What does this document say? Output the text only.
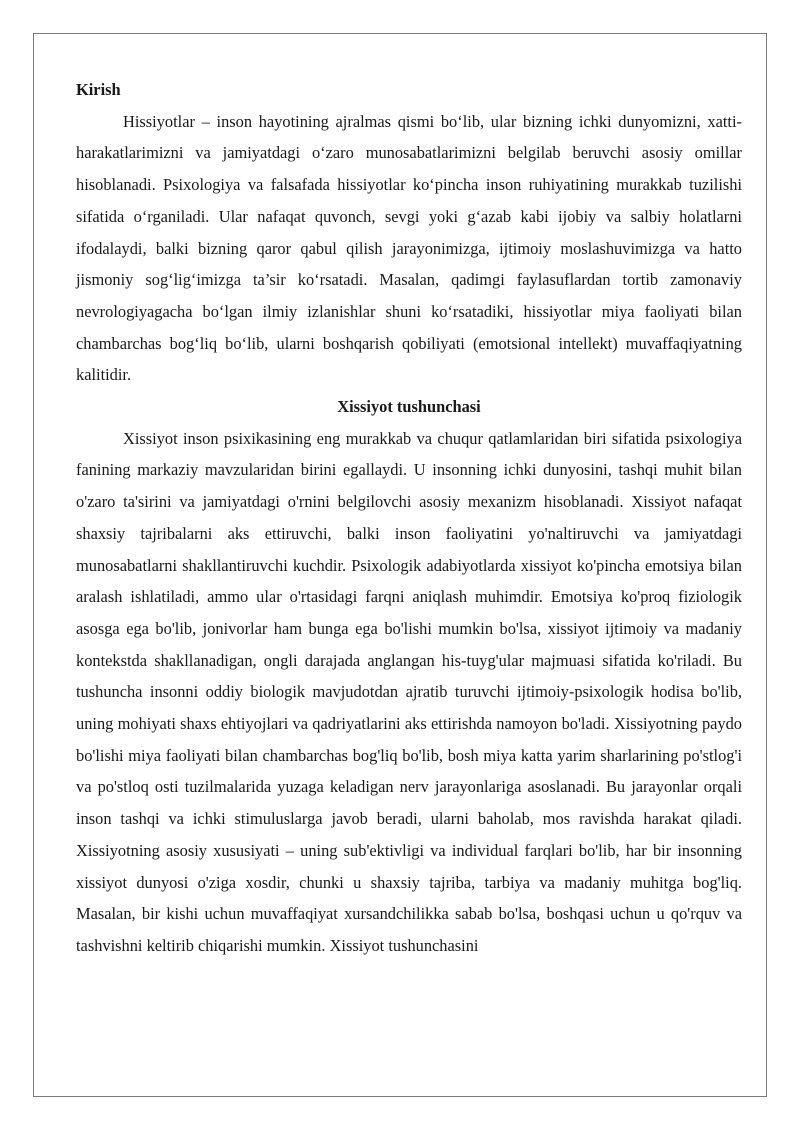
Kirish

Hissiyotlar – inson hayotining ajralmas qismi bo‘lib, ular bizning ichki dunyomizni, xatti-harakatlarimizni va jamiyatdagi o‘zaro munosabatlarimizni belgilab beruvchi asosiy omillar hisoblanadi. Psixologiya va falsafada hissiyotlar ko‘pincha inson ruhiyatining murakkab tuzilishi sifatida o‘rganiladi. Ular nafaqat quvonch, sevgi yoki g‘azab kabi ijobiy va salbiy holatlarni ifodalaydi, balki bizning qaror qabul qilish jarayonimizga, ijtimoiy moslashuvimizga va hatto jismoniy sog‘lig‘imizga ta’sir ko‘rsatadi. Masalan, qadimgi faylasuflardan tortib zamonaviy nevrologiyagacha bo‘lgan ilmiy izlanishlar shuni ko‘rsatadiki, hissiyotlar miya faoliyati bilan chambarchas bog‘liq bo‘lib, ularni boshqarish qobiliyati (emotsional intellekt) muvaffaqiyatning kalitidir.

Xissiyot tushunchasi

Xissiyot inson psixikasining eng murakkab va chuqur qatlamlaridan biri sifatida psixologiya fanining markaziy mavzularidan birini egallaydi. U insonning ichki dunyosini, tashqi muhit bilan o'zaro ta'sirini va jamiyatdagi o'rnini belgilovchi asosiy mexanizm hisoblanadi. Xissiyot nafaqat shaxsiy tajribalarni aks ettiruvchi, balki inson faoliyatini yo'naltiruvchi va jamiyatdagi munosabatlarni shakllantiruvchi kuchdir. Psixologik adabiyotlarda xissiyot ko'pincha emotsiya bilan aralash ishlatiladi, ammo ular o'rtasidagi farqni aniqlash muhimdir. Emotsiya ko'proq fiziologik asosga ega bo'lib, jonivorlar ham bunga ega bo'lishi mumkin bo'lsa, xissiyot ijtimoiy va madaniy kontekstda shakllanadigan, ongli darajada anglangan his-tuyg'ular majmuasi sifatida ko'riladi. Bu tushuncha insonni oddiy biologik mavjudotdan ajratib turuvchi ijtimoiy-psixologik hodisa bo'lib, uning mohiyati shaxs ehtiyojlari va qadriyatlarini aks ettirishda namoyon bo'ladi. Xissiyotning paydo bo'lishi miya faoliyati bilan chambarchas bog'liq bo'lib, bosh miya katta yarim sharlarining po'stlog'i va po'stloq osti tuzilmalarida yuzaga keladigan nerv jarayonlariga asoslanadi. Bu jarayonlar orqali inson tashqi va ichki stimuluslarga javob beradi, ularni baholab, mos ravishda harakat qiladi. Xissiyotning asosiy xususiyati – uning sub'ektivligi va individual farqlari bo'lib, har bir insonning xissiyot dunyosi o'ziga xosdir, chunki u shaxsiy tajriba, tarbiya va madaniy muhitga bog'liq. Masalan, bir kishi uchun muvaffaqiyat xursandchilikka sabab bo'lsa, boshqasi uchun u qo'rquv va tashvishni keltirib chiqarishi mumkin. Xissiyot tushunchasini
